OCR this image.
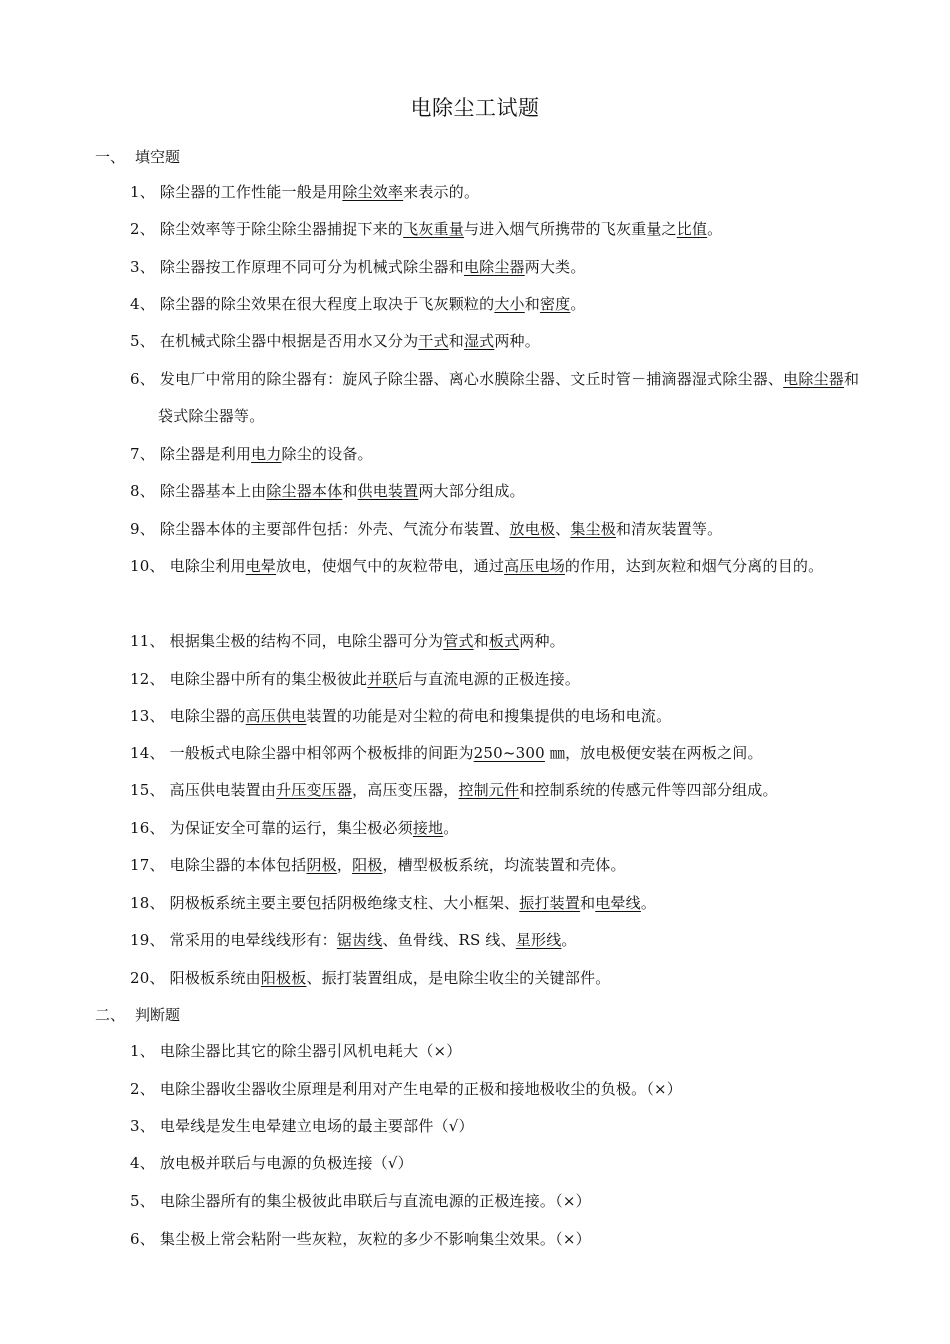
电除尘工试题
一、 填空题
1、 除尘器的工作性能一般是用除尘效率来表示的。
2、 除尘效率等于除尘除尘器捕捉下来的飞灰重量与进入烟气所携带的飞灰重量之比值。
3、 除尘器按工作原理不同可分为机械式除尘器和电除尘器两大类。
4、 除尘器的除尘效果在很大程度上取决于飞灰颗粒的大小和密度。
5、 在机械式除尘器中根据是否用水又分为干式和湿式两种。
6、 发电厂中常用的除尘器有：旋风子除尘器、离心水膜除尘器、文丘时管－捕滴器湿式除尘器、电除尘器和袋式除尘器等。
7、 除尘器是利用电力除尘的设备。
8、 除尘器基本上由除尘器本体和供电装置两大部分组成。
9、 除尘器本体的主要部件包括：外壳、气流分布装置、放电极、集尘极和清灰装置等。
10、 电除尘利用电晕放电，使烟气中的灰粒带电，通过高压电场的作用，达到灰粒和烟气分离的目的。
11、 根据集尘极的结构不同，电除尘器可分为管式和板式两种。
12、 电除尘器中所有的集尘极彼此并联后与直流电源的正极连接。
13、 电除尘器的高压供电装置的功能是对尘粒的荷电和搜集提供的电场和电流。
14、 一般板式电除尘器中相邻两个极板排的间距为250~300 ㎜，放电极便安装在两板之间。
15、 高压供电装置由升压变压器，高压变压器，控制元件和控制系统的传感元件等四部分组成。
16、 为保证安全可靠的运行，集尘极必须接地。
17、 电除尘器的本体包括阴极，阳极，槽型极板系统，均流装置和壳体。
18、 阴极板系统主要主要包括阴极绝缘支柱、大小框架、振打装置和电晕线。
19、 常采用的电晕线线形有：锯齿线、鱼骨线、RS 线、星形线。
20、 阳极板系统由阳极板、振打装置组成，是电除尘收尘的关键部件。
二、 判断题
1、 电除尘器比其它的除尘器引风机电耗大（×）
2、 电除尘器收尘器收尘原理是利用对产生电晕的正极和接地极收尘的负极。（×）
3、 电晕线是发生电晕建立电场的最主要部件（√）
4、 放电极并联后与电源的负极连接（√）
5、 电除尘器所有的集尘极彼此串联后与直流电源的正极连接。（×）
6、 集尘极上常会粘附一些灰粒，灰粒的多少不影响集尘效果。（×）
